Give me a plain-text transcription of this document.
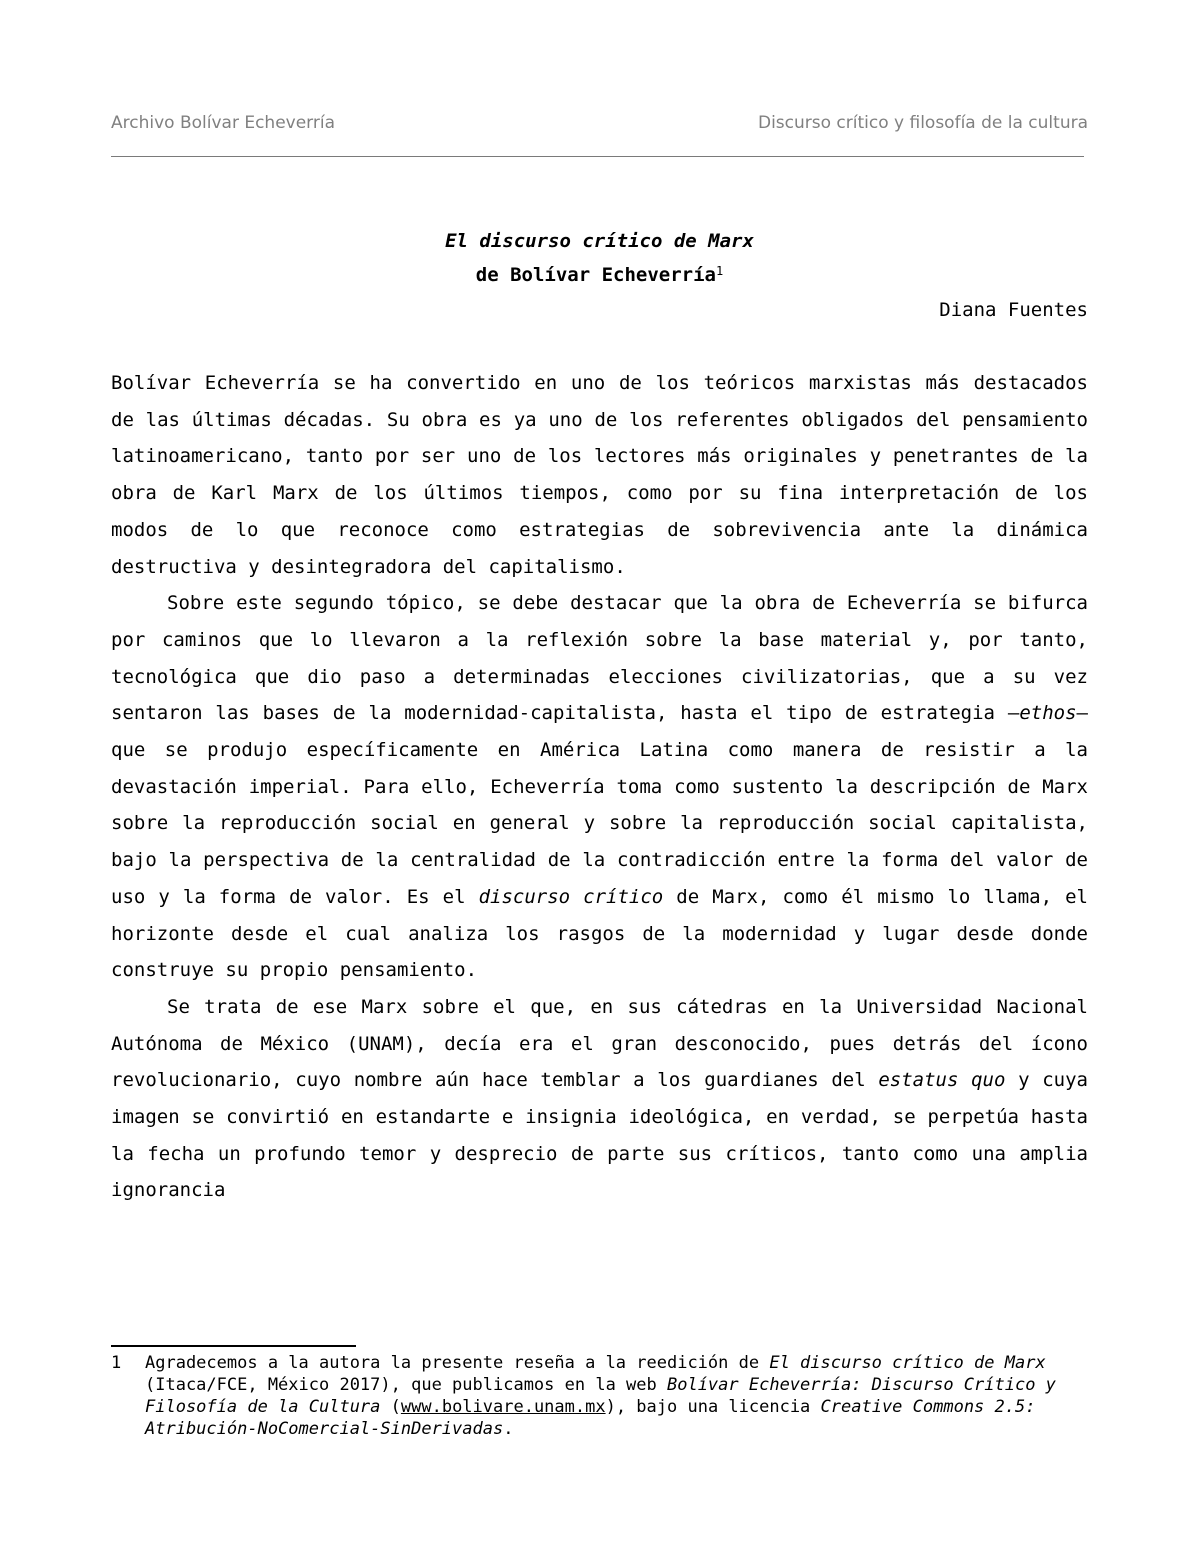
Archivo Bolívar Echeverría	Discurso crítico y filosofía de la cultura
El discurso crítico de Marx
de Bolívar Echeverría$^1$
Diana Fuentes

Bolívar Echeverría se ha convertido en uno de los teóricos marxistas más destacados de las últimas décadas. Su obra es ya uno de los referentes obligados del pensamiento latinoamericano, tanto por ser uno de los lectores más originales y penetrantes de la obra de Karl Marx de los últimos tiempos, como por su fina interpretación de los modos de lo que reconoce como estrategias de sobrevivencia ante la dinámica destructiva y desintegradora del capitalismo.

Sobre este segundo tópico, se debe destacar que la obra de Echeverría se bifurca por caminos que lo llevaron a la reflexión sobre la base material y, por tanto, tecnológica que dio paso a determinadas elecciones civilizatorias, que a su vez sentaron las bases de la modernidad-capitalista, hasta el tipo de estrategia –ethos– que se produjo específicamente en América Latina como manera de resistir a la devastación imperial. Para ello, Echeverría toma como sustento la descripción de Marx sobre la reproducción social en general y sobre la reproducción social capitalista, bajo la perspectiva de la centralidad de la contradicción entre la forma del valor de uso y la forma de valor. Es el discurso crítico de Marx, como él mismo lo llama, el horizonte desde el cual analiza los rasgos de la modernidad y lugar desde donde construye su propio pensamiento.

Se trata de ese Marx sobre el que, en sus cátedras en la Universidad Nacional Autónoma de México (UNAM), decía era el gran desconocido, pues detrás del ícono revolucionario, cuyo nombre aún hace temblar a los guardianes del estatus quo y cuya imagen se convirtió en estandarte e insignia ideológica, en verdad, se perpetúa hasta la fecha un profundo temor y desprecio de parte sus críticos, tanto como una amplia ignorancia

1 Agradecemos a la autora la presente reseña a la reedición de El discurso crítico de Marx (Itaca/FCE, México 2017), que publicamos en la web Bolívar Echeverría: Discurso Crítico y Filosofía de la Cultura (www.bolivare.unam.mx), bajo una licencia Creative Commons 2.5: Atribución-NoComercial-SinDerivadas.
